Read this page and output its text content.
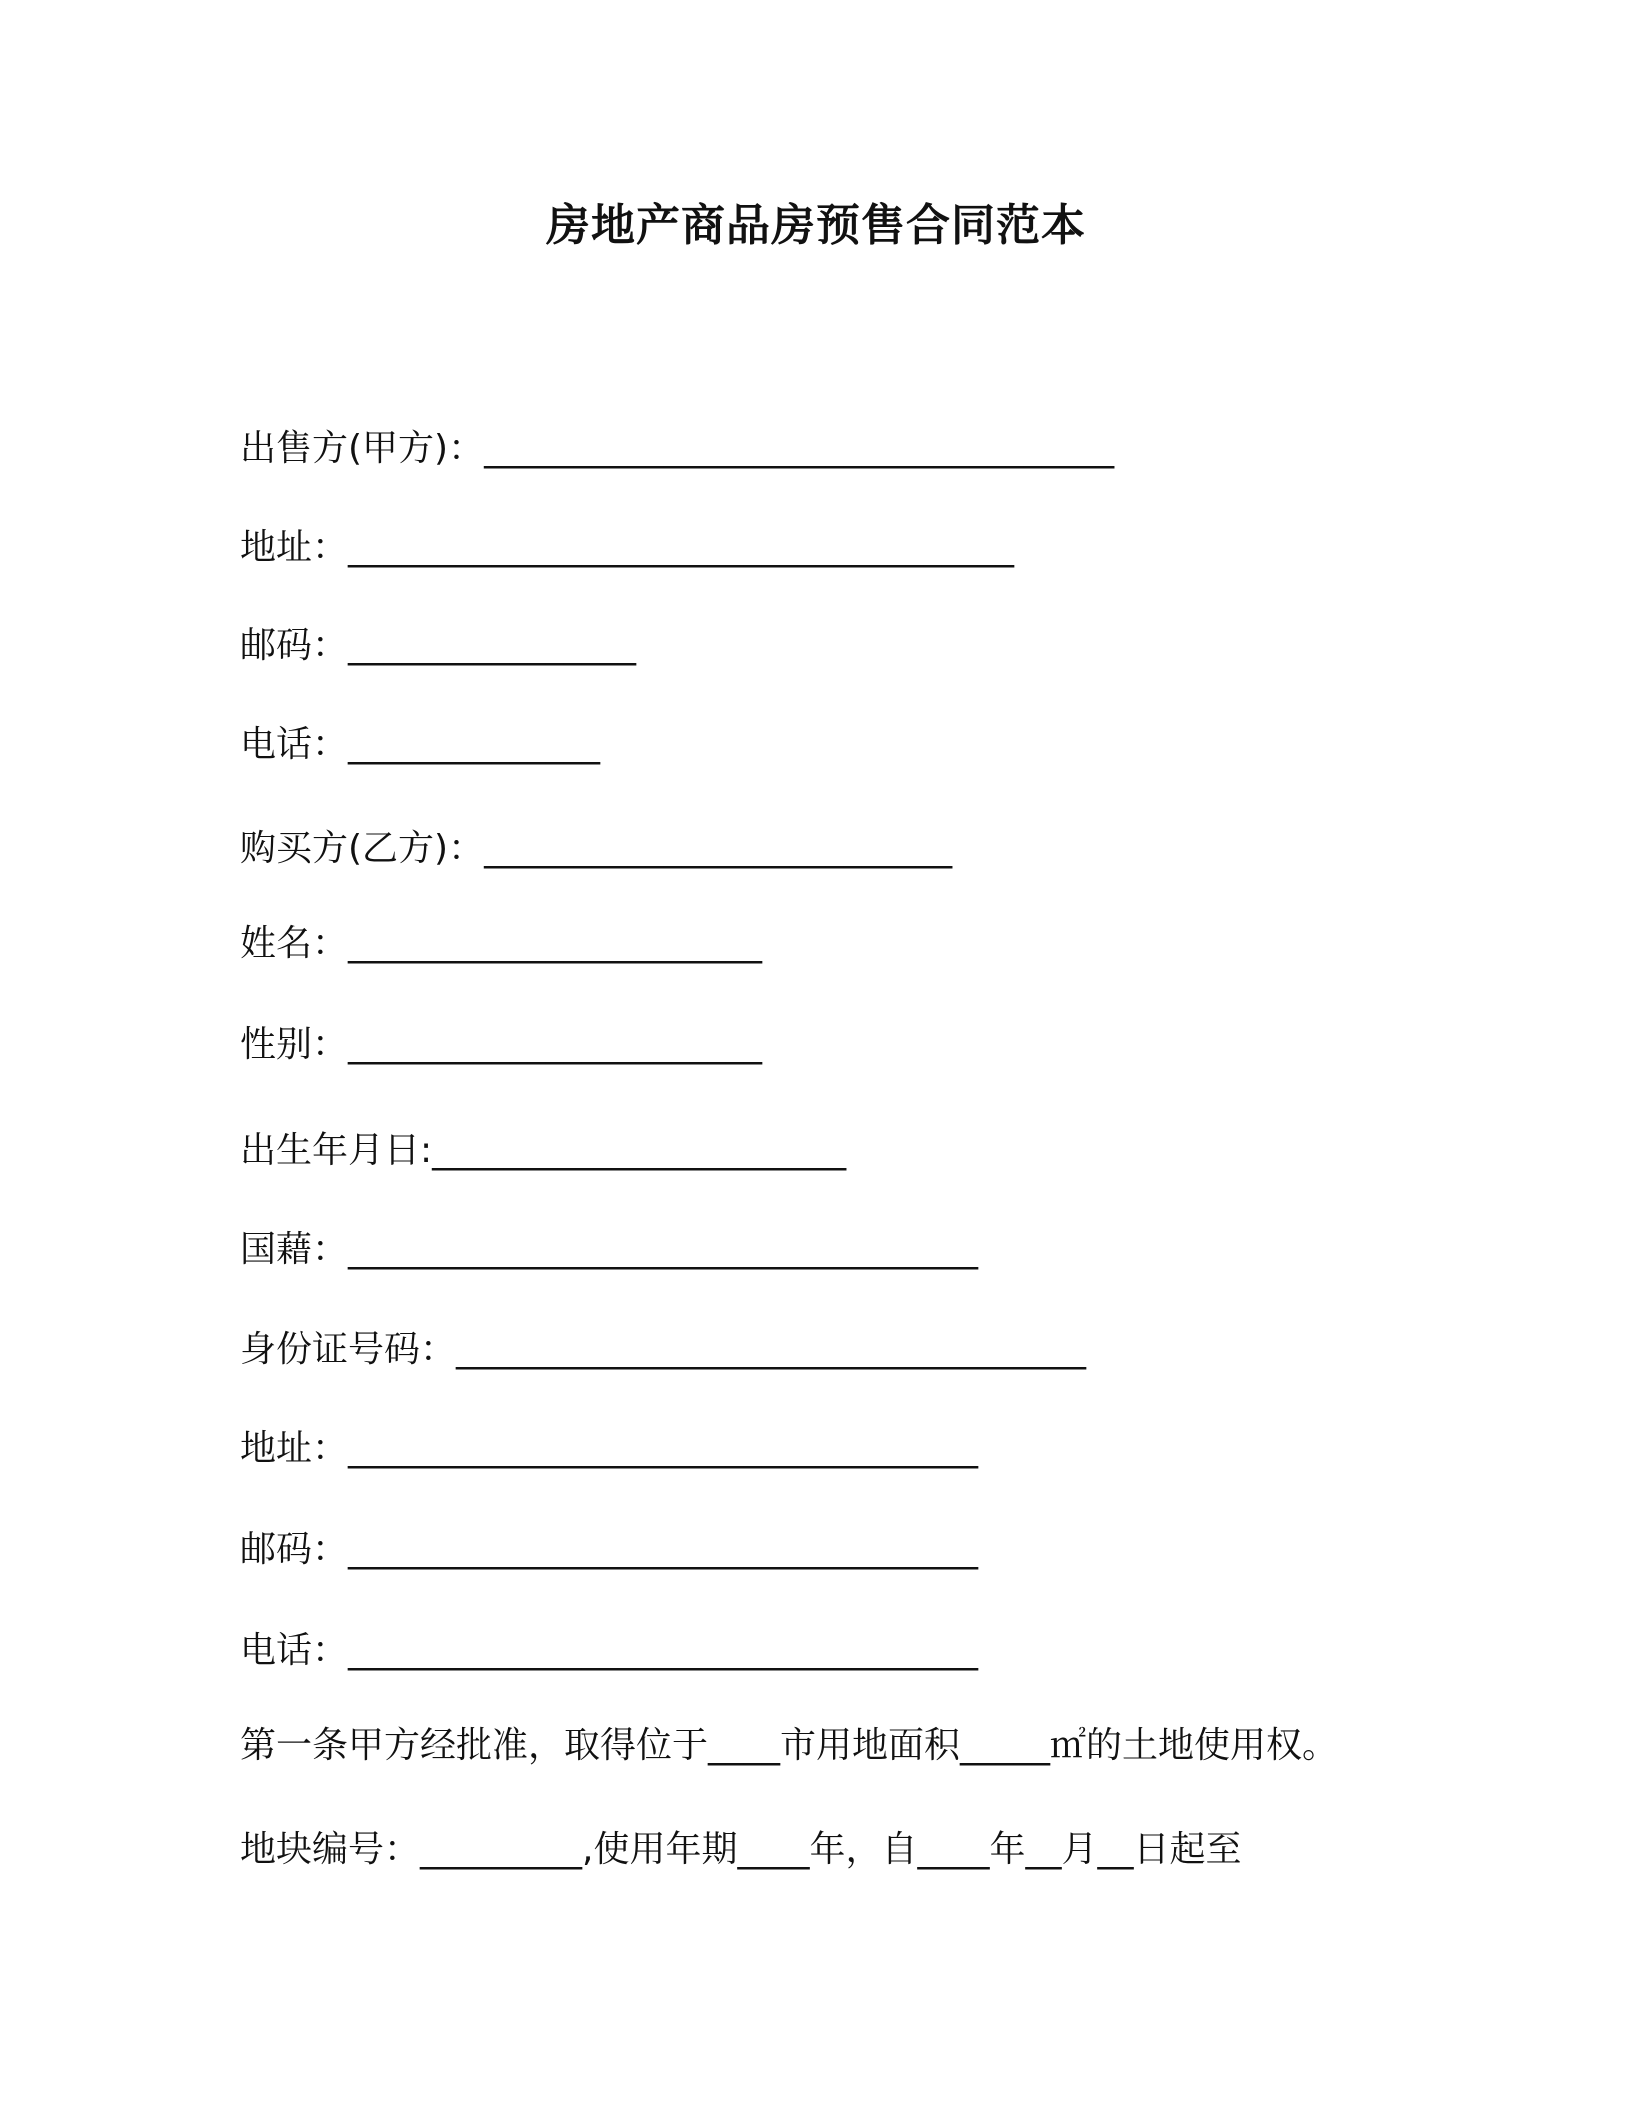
房地产商品房预售合同范本
出售方(甲方)：___________________________________
地址：_____________________________________
邮码：________________
电话：______________
购买方(乙方)：__________________________
姓名：_______________________
性别：_______________________
出生年月日:_______________________
国藉：___________________________________
身份证号码：___________________________________
地址：___________________________________
邮码：___________________________________
电话：___________________________________
第一条甲方经批准，取得位于____市用地面积_____㎡的土地使用权。
地块编号：_________,使用年期____年，自____年__月__日起至
